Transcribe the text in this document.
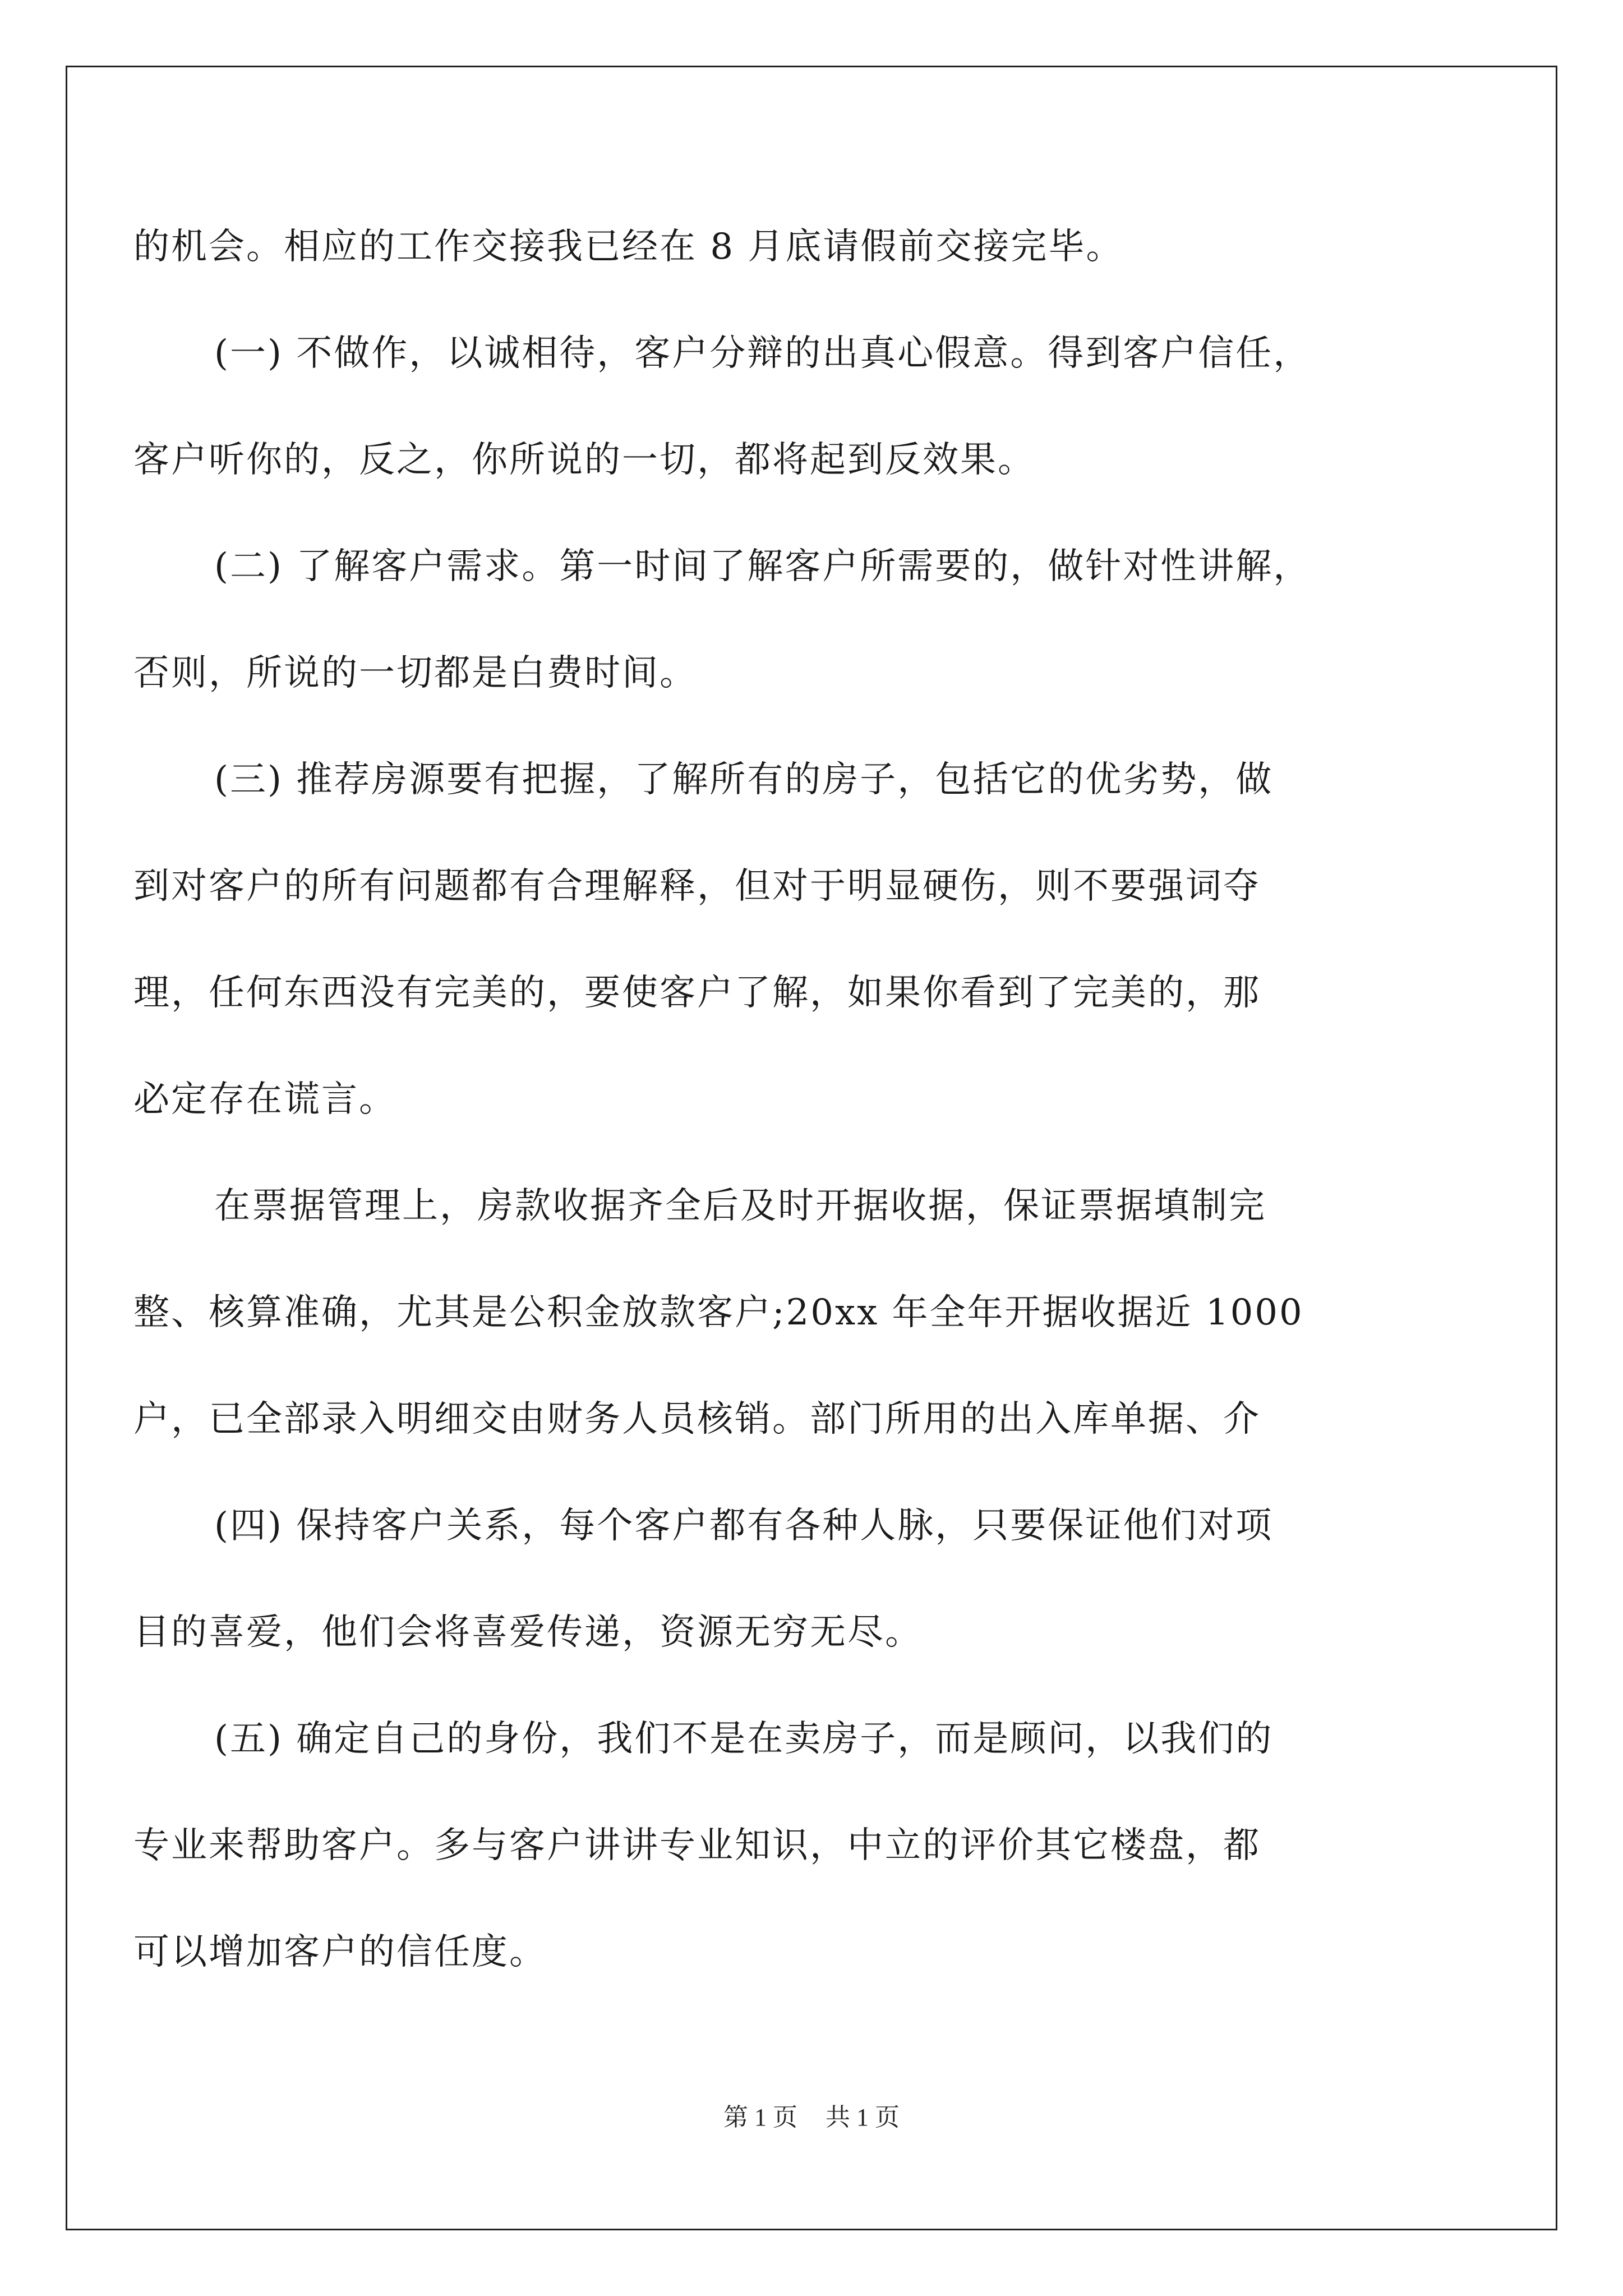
的机会。相应的工作交接我已经在 8 月底请假前交接完毕。
(一) 不做作，以诚相待，客户分辩的出真心假意。得到客户信任，
客户听你的，反之，你所说的一切，都将起到反效果。
(二) 了解客户需求。第一时间了解客户所需要的，做针对性讲解，
否则，所说的一切都是白费时间。
(三) 推荐房源要有把握，了解所有的房子，包括它的优劣势，做
到对客户的所有问题都有合理解释，但对于明显硬伤，则不要强词夺
理，任何东西没有完美的，要使客户了解，如果你看到了完美的，那
必定存在谎言。
在票据管理上，房款收据齐全后及时开据收据，保证票据填制完
整、核算准确，尤其是公积金放款客户;20xx 年全年开据收据近 1000
户，已全部录入明细交由财务人员核销。部门所用的出入库单据、介
(四) 保持客户关系，每个客户都有各种人脉，只要保证他们对项
目的喜爱，他们会将喜爱传递，资源无穷无尽。
(五) 确定自己的身份，我们不是在卖房子，而是顾问，以我们的
专业来帮助客户。多与客户讲讲专业知识，中立的评价其它楼盘，都
可以增加客户的信任度。
第 1 页 共 1 页
